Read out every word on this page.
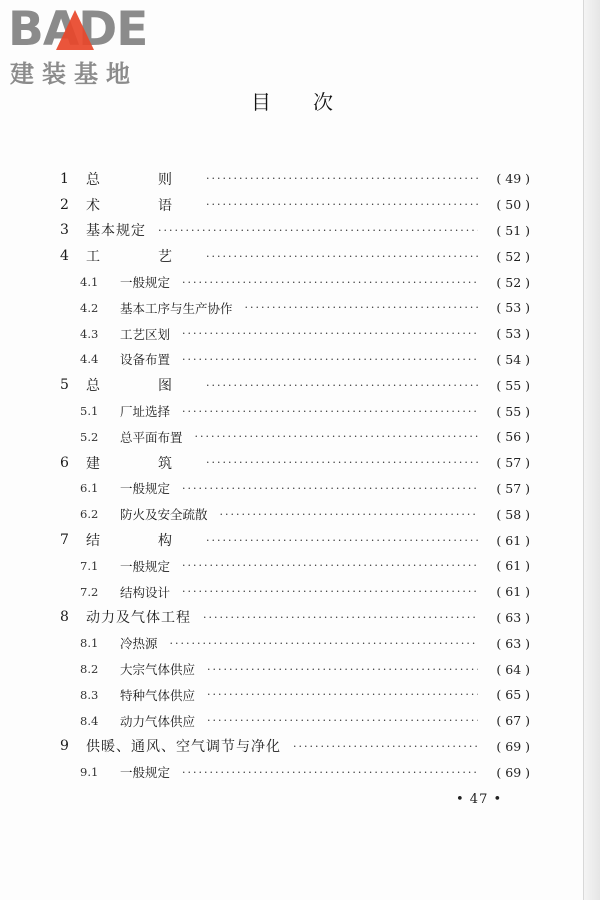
BADE
建装基地
目次
1	总　则 ·····	( 49 )
2	术　语 ·····	( 50 )
3	基本规定 ·····	( 51 )
4	工　艺 ·····	( 52 )
4.1	一般规定 ·····	( 52 )
4.2	基本工序与生产协作 ·····	( 53 )
4.3	工艺区划 ·····	( 53 )
4.4	设备布置 ·····	( 54 )
5	总　图 ·····	( 55 )
5.1	厂址选择 ·····	( 55 )
5.2	总平面布置 ·····	( 56 )
6	建　筑 ·····	( 57 )
6.1	一般规定 ·····	( 57 )
6.2	防火及安全疏散 ·····	( 58 )
7	结　构 ·····	( 61 )
7.1	一般规定 ·····	( 61 )
7.2	结构设计 ·····	( 61 )
8	动力及气体工程 ·····	( 63 )
8.1	冷热源 ·····	( 63 )
8.2	大宗气体供应 ·····	( 64 )
8.3	特种气体供应 ·····	( 65 )
8.4	动力气体供应 ·····	( 67 )
9	供暖、通风、空气调节与净化 ·····	( 69 )
9.1	一般规定 ·····	( 69 )
• 47 •
